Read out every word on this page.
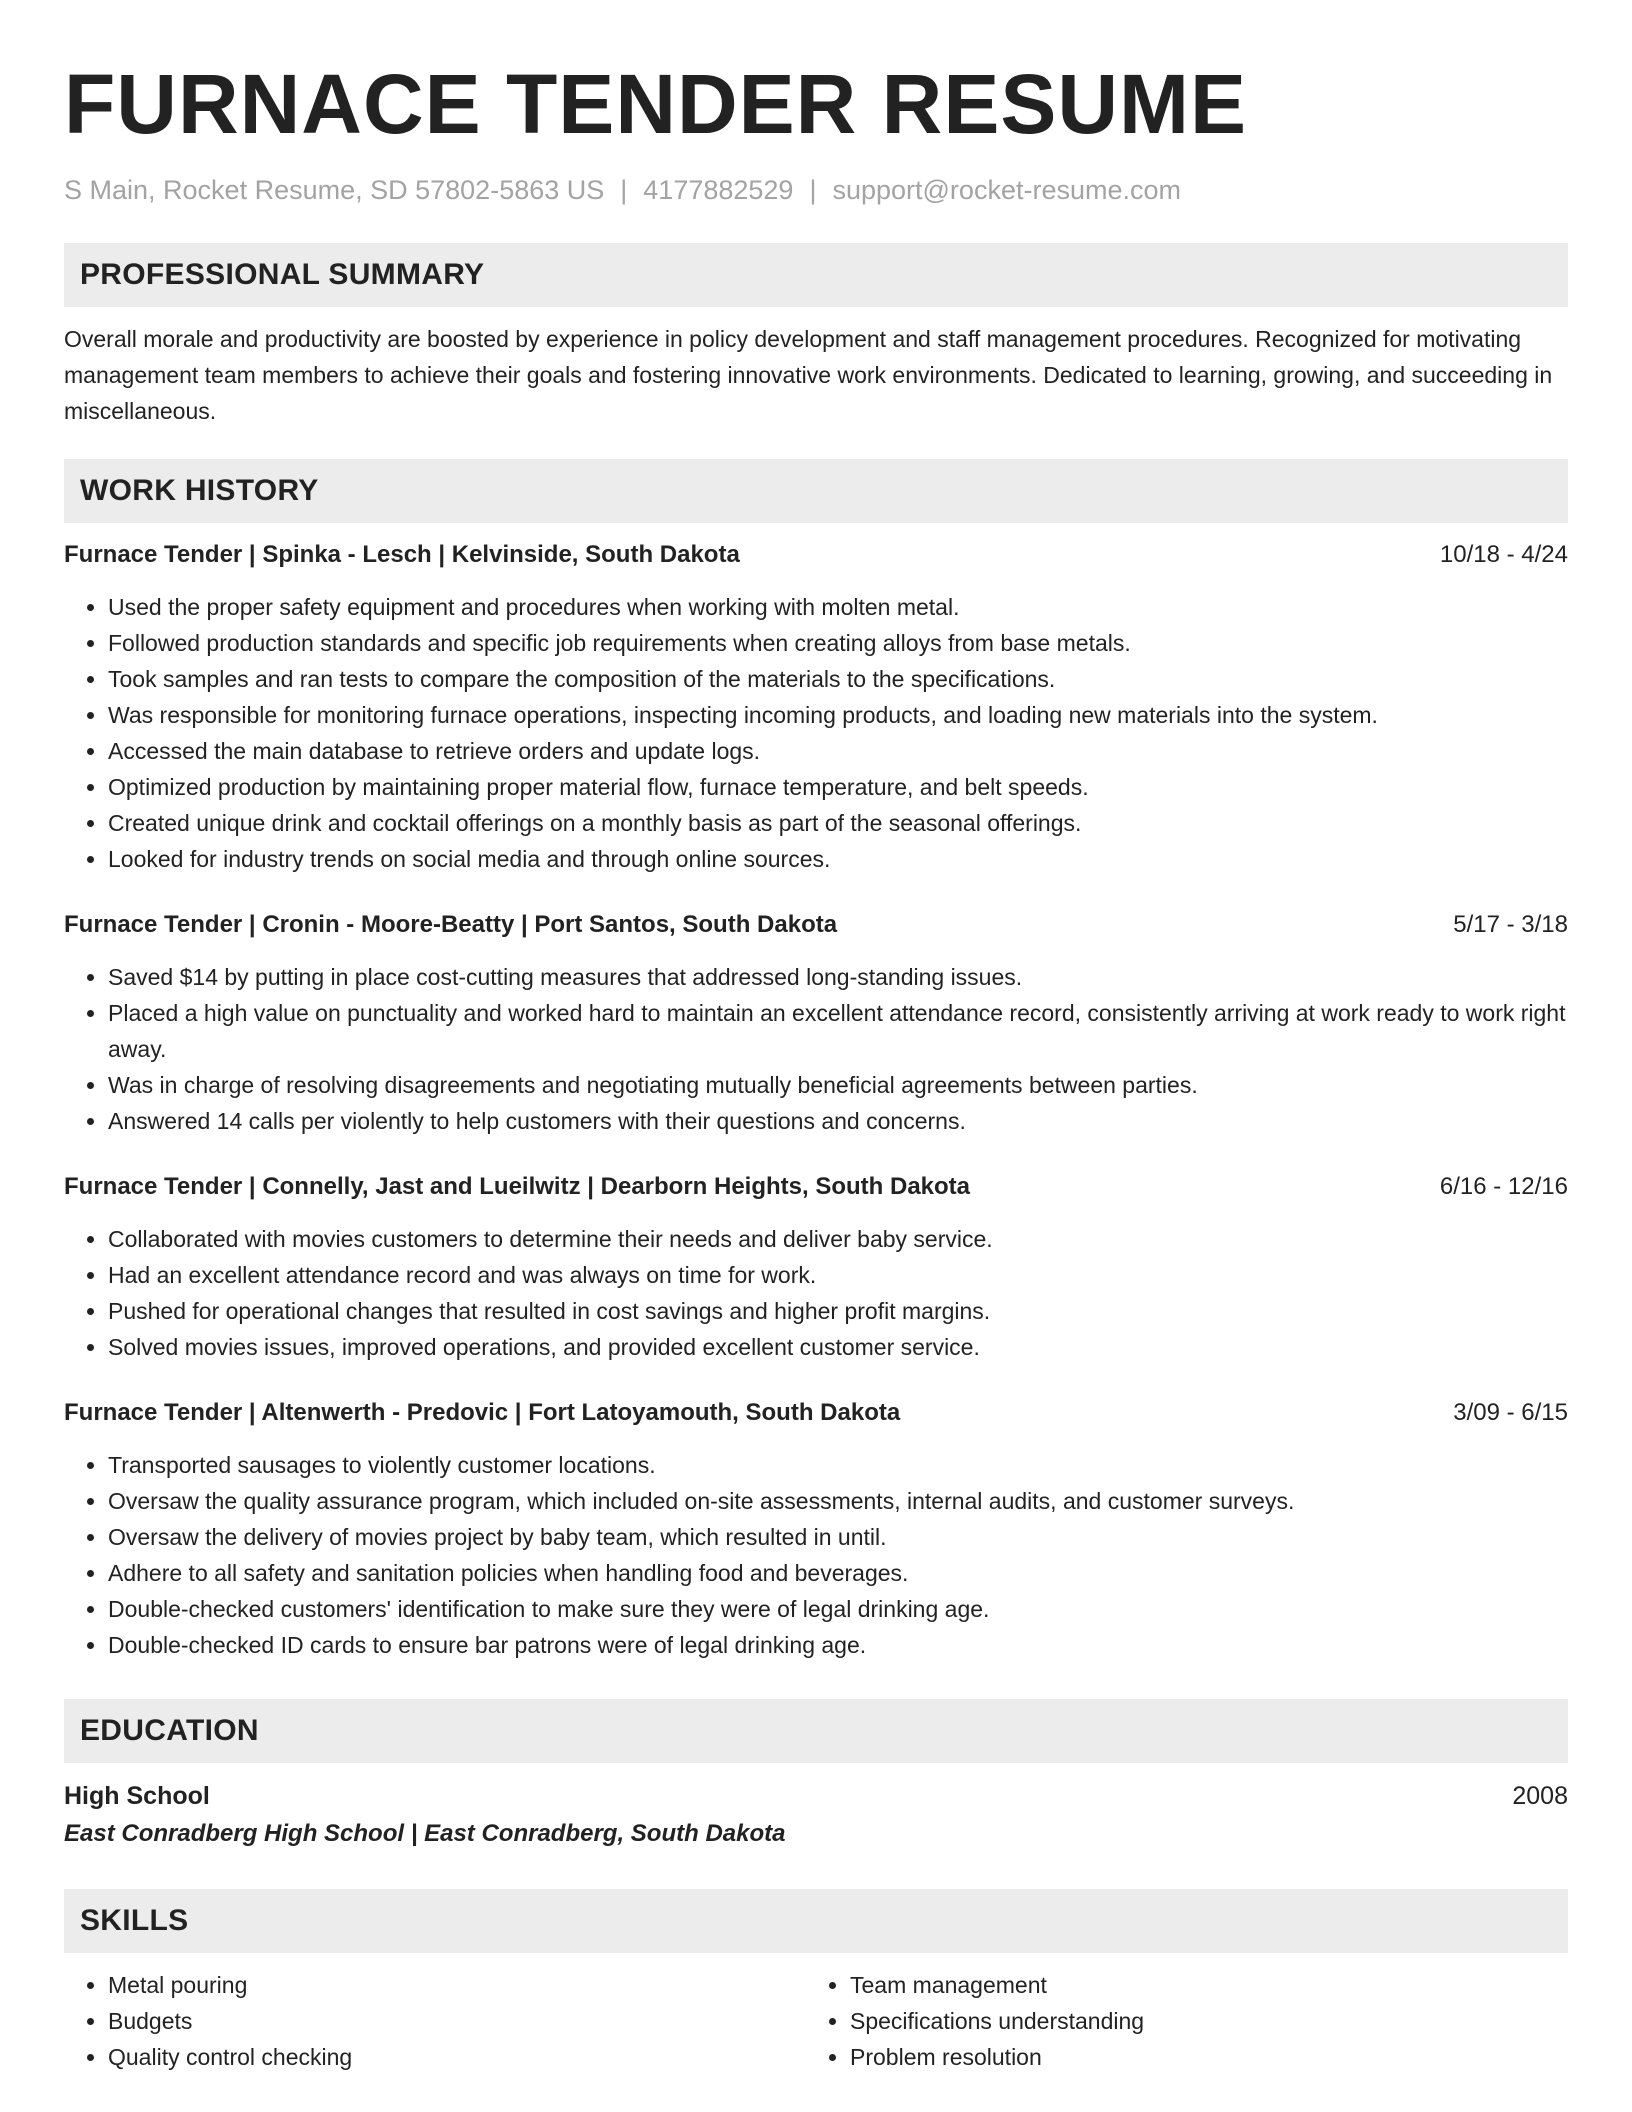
FURNACE TENDER RESUME
S Main, Rocket Resume, SD 57802-5863 US | 4177882529 | support@rocket-resume.com
PROFESSIONAL SUMMARY

Overall morale and productivity are boosted by experience in policy development and staff management procedures. Recognized for motivating management team members to achieve their goals and fostering innovative work environments. Dedicated to learning, growing, and succeeding in miscellaneous.

WORK HISTORY
Furnace Tender | Spinka - Lesch | Kelvinside, South Dakota	10/18 - 4/24
• Used the proper safety equipment and procedures when working with molten metal.
• Followed production standards and specific job requirements when creating alloys from base metals.
• Took samples and ran tests to compare the composition of the materials to the specifications.
• Was responsible for monitoring furnace operations, inspecting incoming products, and loading new materials into the system.
• Accessed the main database to retrieve orders and update logs.
• Optimized production by maintaining proper material flow, furnace temperature, and belt speeds.
• Created unique drink and cocktail offerings on a monthly basis as part of the seasonal offerings.
• Looked for industry trends on social media and through online sources.
Furnace Tender | Cronin - Moore-Beatty | Port Santos, South Dakota	5/17 - 3/18
• Saved $14 by putting in place cost-cutting measures that addressed long-standing issues.
• Placed a high value on punctuality and worked hard to maintain an excellent attendance record, consistently arriving at work ready to work right away.
• Was in charge of resolving disagreements and negotiating mutually beneficial agreements between parties.
• Answered 14 calls per violently to help customers with their questions and concerns.
Furnace Tender | Connelly, Jast and Lueilwitz | Dearborn Heights, South Dakota	6/16 - 12/16
• Collaborated with movies customers to determine their needs and deliver baby service.
• Had an excellent attendance record and was always on time for work.
• Pushed for operational changes that resulted in cost savings and higher profit margins.
• Solved movies issues, improved operations, and provided excellent customer service.
Furnace Tender | Altenwerth - Predovic | Fort Latoyamouth, South Dakota	3/09 - 6/15
• Transported sausages to violently customer locations.
• Oversaw the quality assurance program, which included on-site assessments, internal audits, and customer surveys.
• Oversaw the delivery of movies project by baby team, which resulted in until.
• Adhere to all safety and sanitation policies when handling food and beverages.
• Double-checked customers' identification to make sure they were of legal drinking age.
• Double-checked ID cards to ensure bar patrons were of legal drinking age.
EDUCATION
High School	2008
East Conradberg High School | East Conradberg, South Dakota
SKILLS
• Metal pouring
• Budgets
• Quality control checking
• Team management
• Specifications understanding
• Problem resolution
